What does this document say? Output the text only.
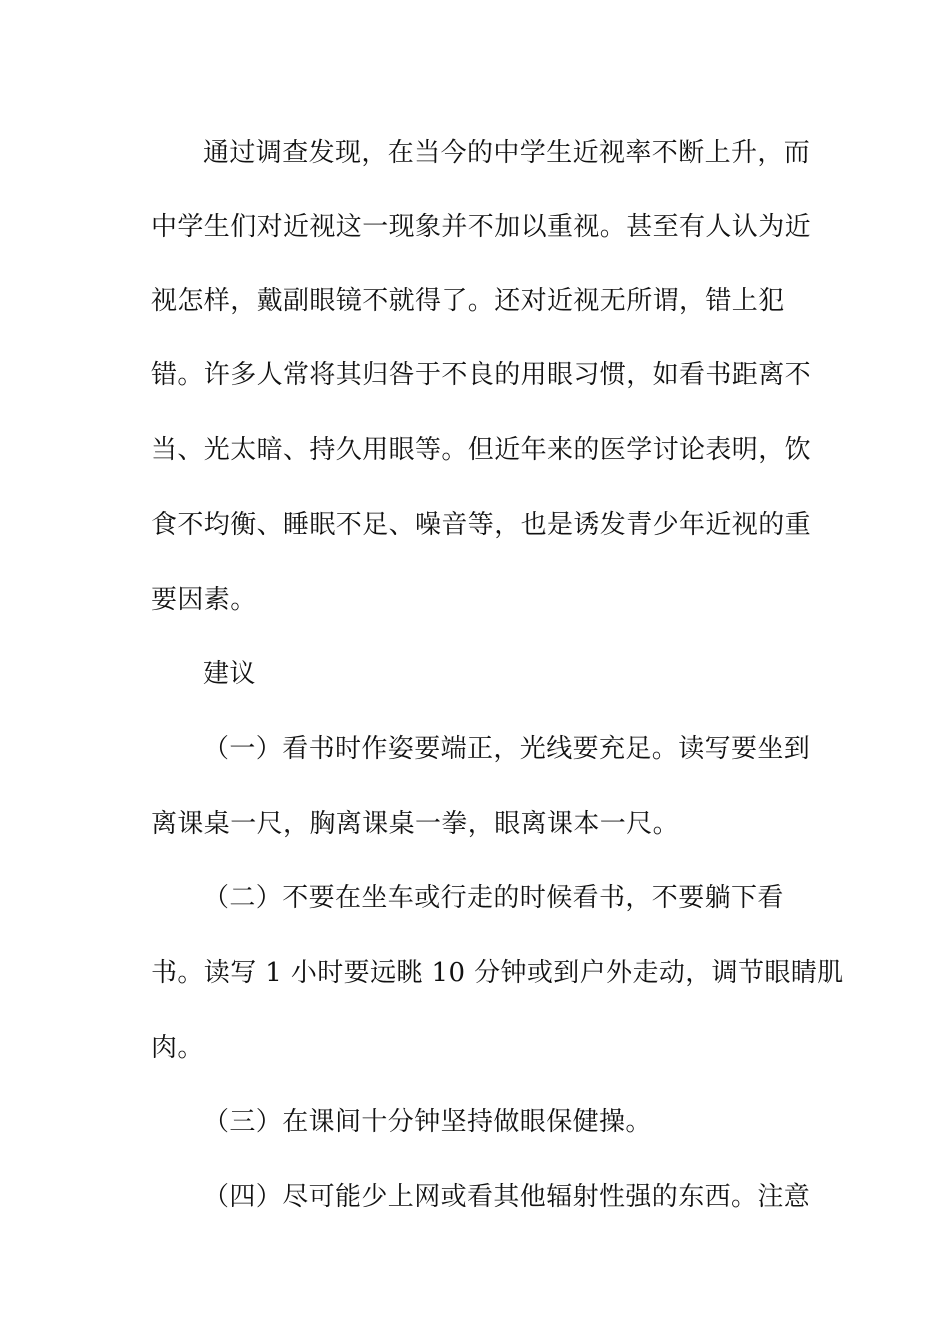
通过调查发现，在当今的中学生近视率不断上升，而
中学生们对近视这一现象并不加以重视。甚至有人认为近
视怎样，戴副眼镜不就得了。还对近视无所谓，错上犯
错。许多人常将其归咎于不良的用眼习惯，如看书距离不
当、光太暗、持久用眼等。但近年来的医学讨论表明，饮
食不均衡、睡眠不足、噪音等，也是诱发青少年近视的重
要因素。
建议
（一）看书时作姿要端正，光线要充足。读写要坐到
离课桌一尺，胸离课桌一拳，眼离课本一尺。
（二）不要在坐车或行走的时候看书，不要躺下看
书。读写 1 小时要远眺 10 分钟或到户外走动，调节眼睛肌
肉。
（三）在课间十分钟坚持做眼保健操。
（四）尽可能少上网或看其他辐射性强的东西。注意
